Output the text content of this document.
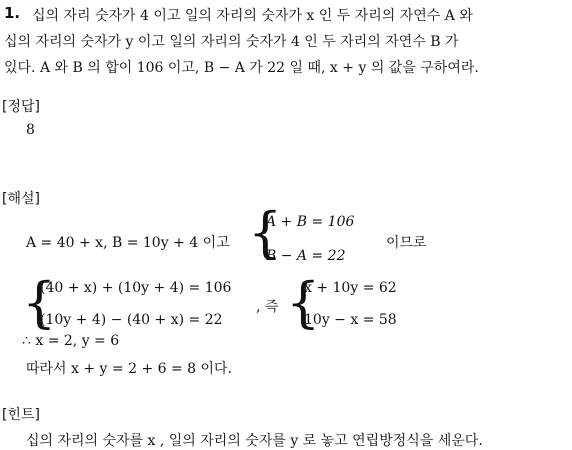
1. 십의 자리 숫자가 4 이고 일의 자리의 숫자가 x 인 두 자리의 자연수 A 와
십의 자리의 숫자가 y 이고 일의 자리의 숫자가 4 인 두 자리의 자연수 B 가
있다. A 와 B 의 합이 106 이고, B − A 가 22 일 때, x + y 의 값을 구하여라.
[정답]
8
[해설]
A = 40 + x, B = 10y + 4 이고 {
A + B = 106
B − A = 22
이므로
{
(40 + x) + (10y + 4) = 106
(10y + 4) − (40 + x) = 22
, 즉 {
x + 10y = 62
10y − x = 58
∴ x = 2, y = 6
따라서 x + y = 2 + 6 = 8 이다.
[힌트]
십의 자리의 숫자를 x , 일의 자리의 숫자를 y 로 놓고 연립방정식을 세운다.
